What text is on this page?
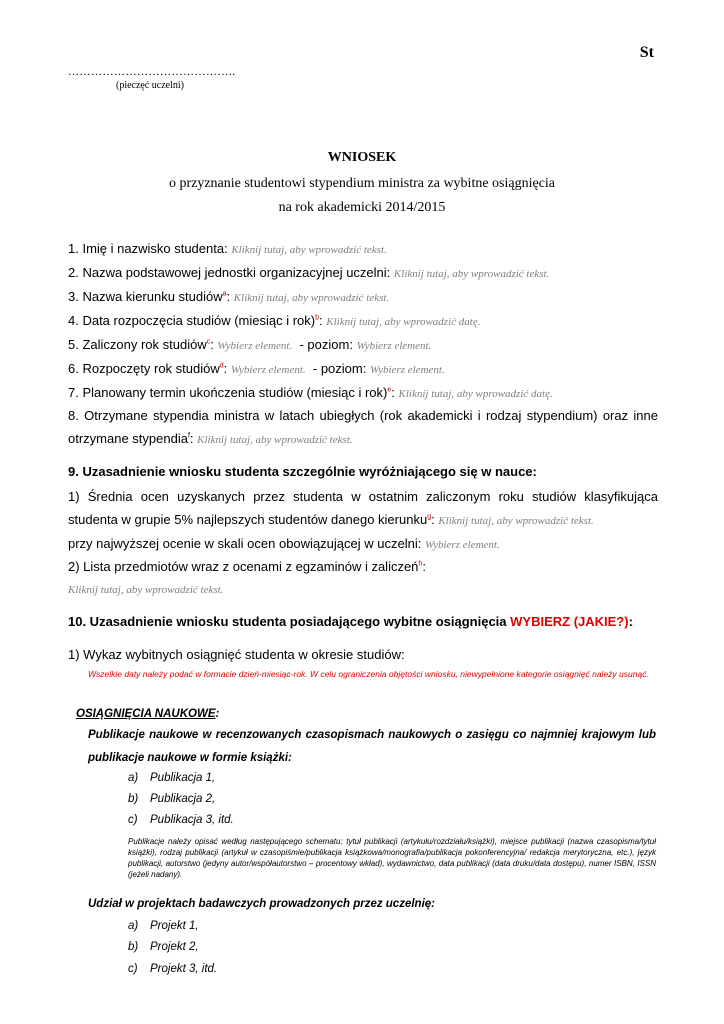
St
……………………………………..
(pieczęć uczelni)
WNIOSEK
o przyznanie studentowi stypendium ministra za wybitne osiągnięcia
na rok akademicki 2014/2015
1. Imię i nazwisko studenta: Kliknij tutaj, aby wprowadzić tekst.
2. Nazwa podstawowej jednostki organizacyjnej uczelni: Kliknij tutaj, aby wprowadzić tekst.
3. Nazwa kierunku studiów$^a$: Kliknij tutaj, aby wprowadzić tekst.
4. Data rozpoczęcia studiów (miesiąc i rok)$^b$: Kliknij tutaj, aby wprowadzić datę.
5. Zaliczony rok studiów$^c$: Wybierz element. - poziom: Wybierz element.
6. Rozpoczęty rok studiów$^d$: Wybierz element. - poziom: Wybierz element.
7. Planowany termin ukończenia studiów (miesiąc i rok)$^e$: Kliknij tutaj, aby wprowadzić datę.
8. Otrzymane stypendia ministra w latach ubiegłych (rok akademicki i rodzaj stypendium) oraz inne
otrzymane stypendia$^f$: Kliknij tutaj, aby wprowadzić tekst.
9. Uzasadnienie wniosku studenta szczególnie wyróżniającego się w nauce:
1) Średnia ocen uzyskanych przez studenta w ostatnim zaliczonym roku studiów klasyfikująca
studenta w grupie 5% najlepszych studentów danego kierunku$^g$: Kliknij tutaj, aby wprowadzić tekst.
przy najwyższej ocenie w skali ocen obowiązującej w uczelni: Wybierz element.
2) Lista przedmiotów wraz z ocenami z egzaminów i zaliczeń$^h$:
Kliknij tutaj, aby wprowadzić tekst.
10. Uzasadnienie wniosku studenta posiadającego wybitne osiągnięcia WYBIERZ (JAKIE?):
1) Wykaz wybitnych osiągnięć studenta w okresie studiów:
Wszelkie daty należy podać w formacie dzień-miesiąc-rok. W celu ograniczenia objętości wniosku, niewypełnione kategorie osiągnięć należy usunąć.
OSIĄGNIĘCIA NAUKOWE:
Publikacje naukowe w recenzowanych czasopismach naukowych o zasięgu co najmniej krajowym lub
publikacje naukowe w formie książki:
a) Publikacja 1,
b) Publikacja 2,
c) Publikacja 3, itd.
Publikacje należy opisać według następującego schematu: tytuł publikacji (artykułu/rozdziału/książki), miejsce publikacji (nazwa czasopisma/tytuł książki), rodzaj publikacji (artykuł w czasopiśmie/publikacja książkowa/monografia/publikacja pokonferencyjna/ redakcja merytoryczna, etc.), język publikacji, autorstwo (jedyny autor/współautorstwo – procentowy wkład), wydawnictwo, data publikacji (data druku/data dostępu), numer ISBN, ISSN (jeżeli nadany).
Udział w projektach badawczych prowadzonych przez uczelnię:
a) Projekt 1,
b) Projekt 2,
c) Projekt 3, itd.
